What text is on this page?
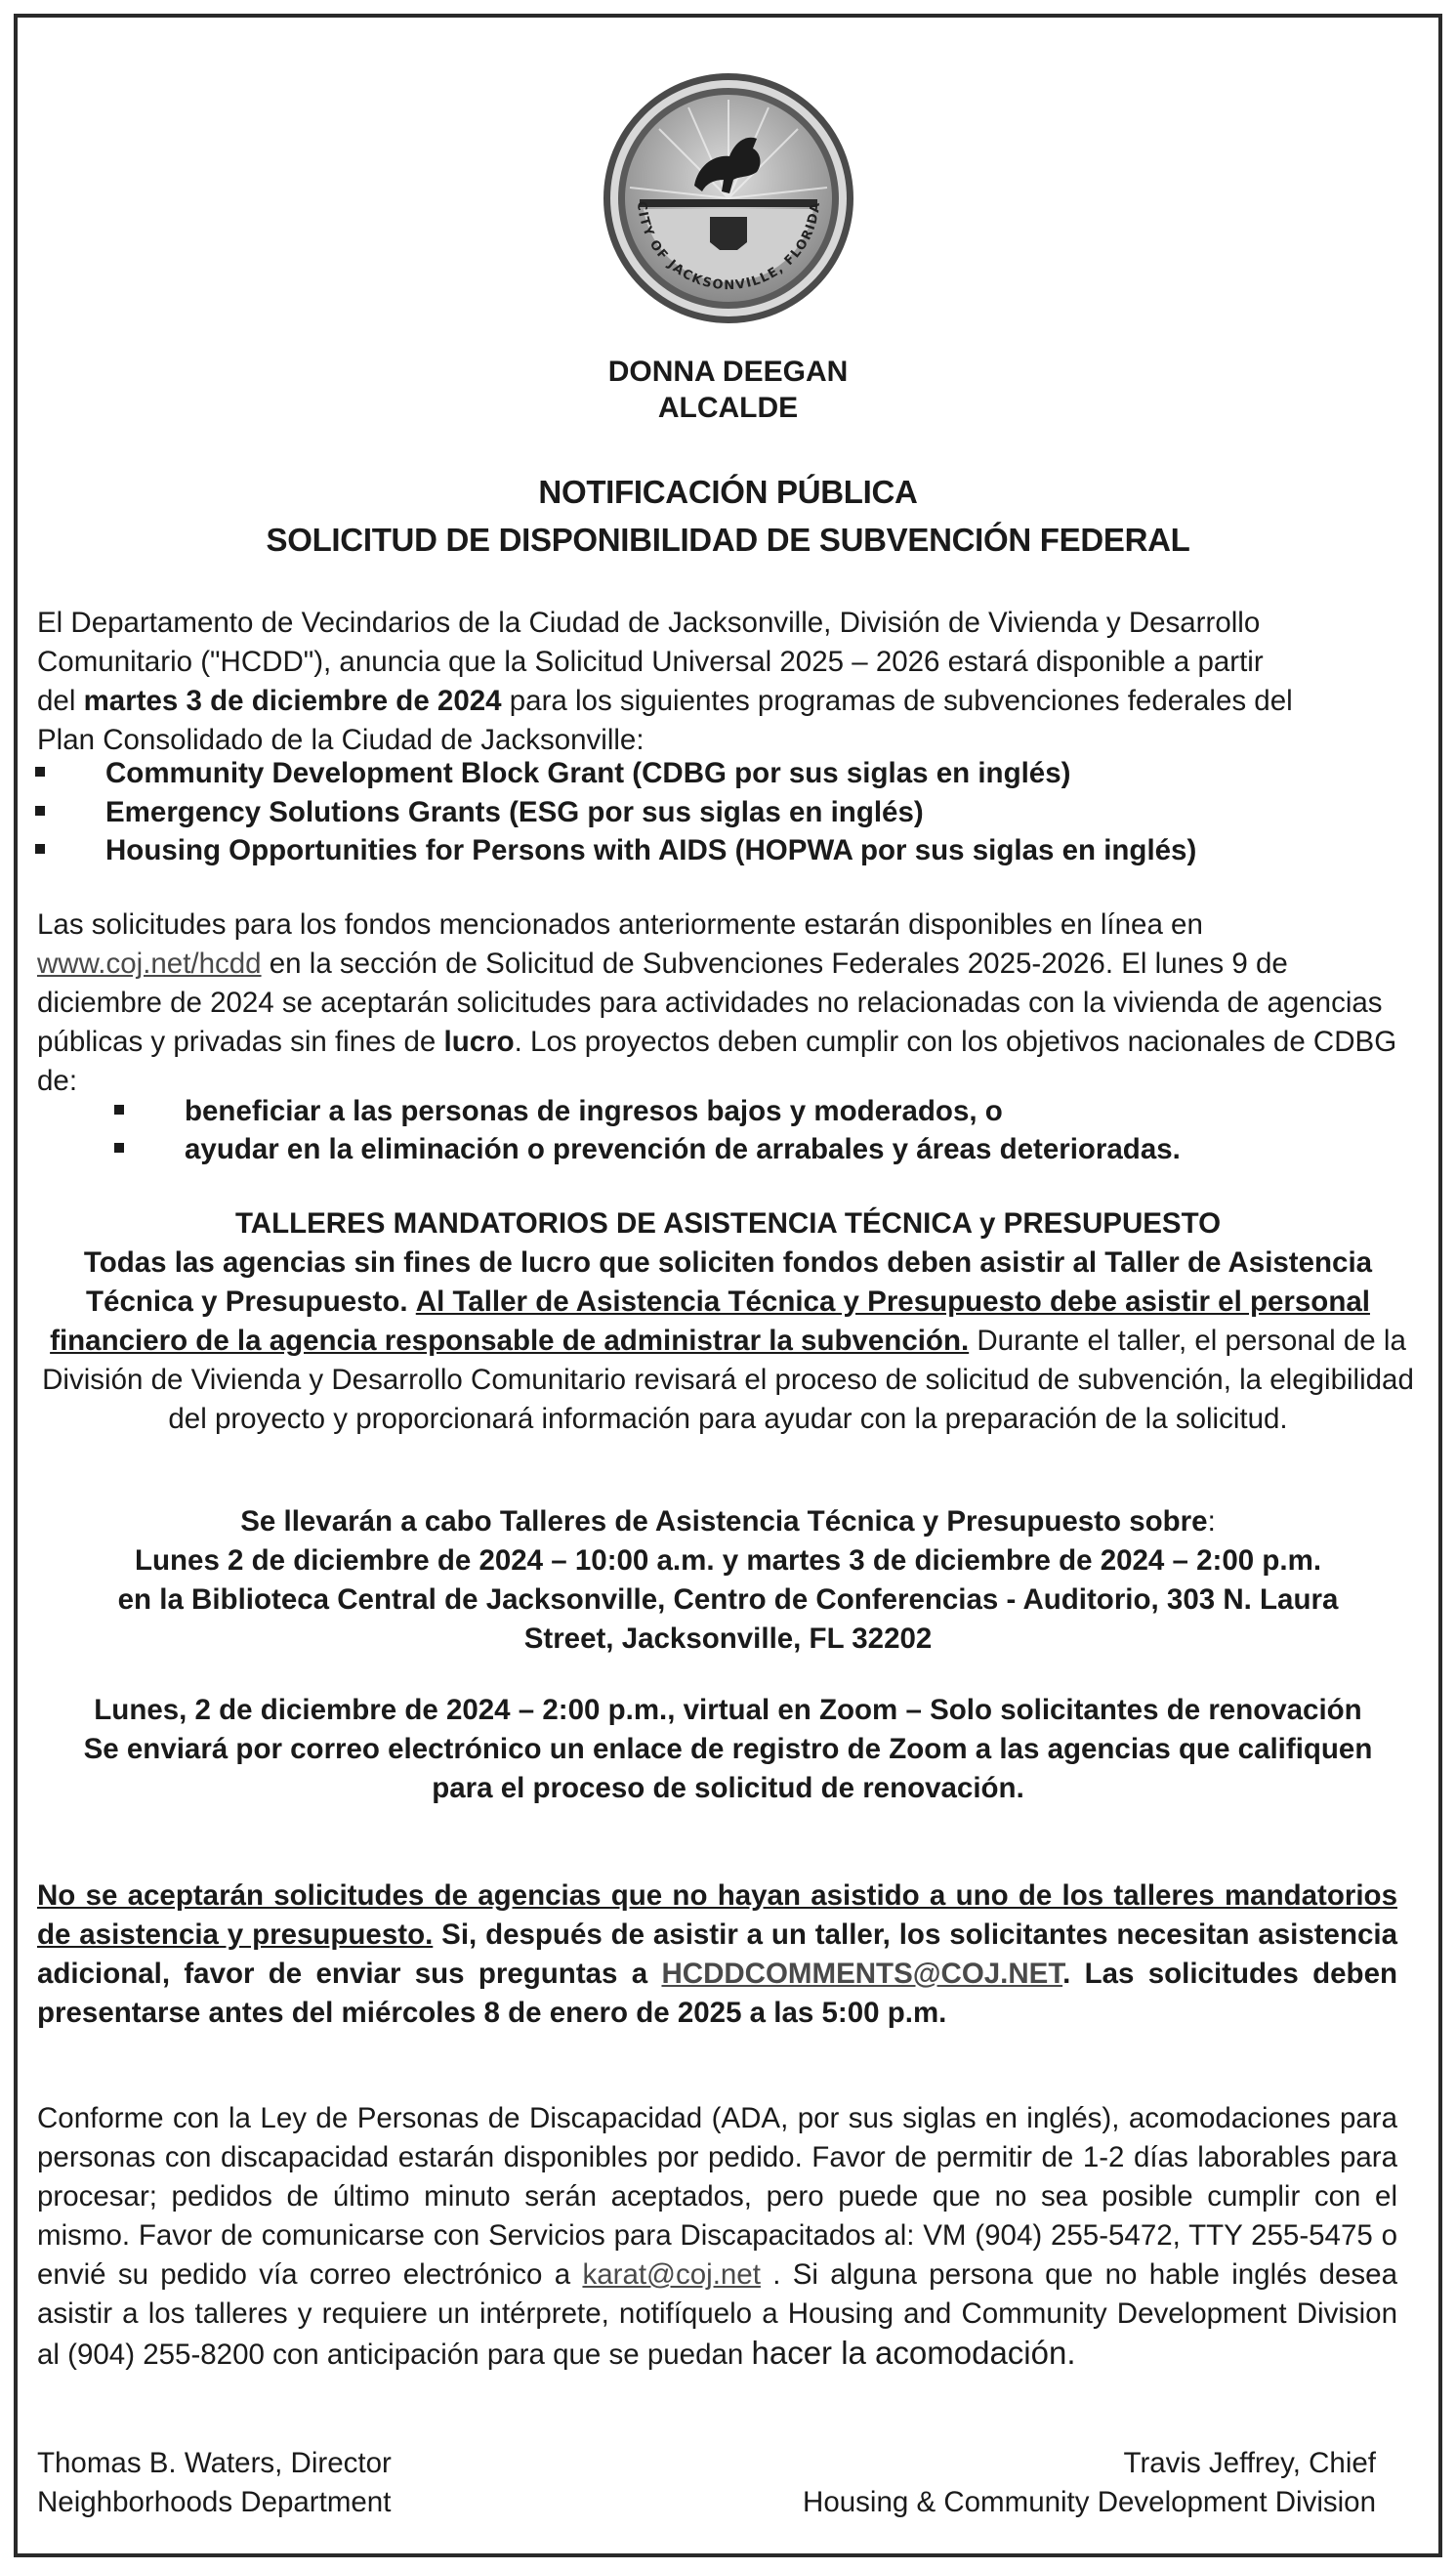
CITY OF JACKSONVILLE, FLORIDA
DONNA DEEGAN
ALCALDE
NOTIFICACIÓN PÚBLICA
SOLICITUD DE DISPONIBILIDAD DE SUBVENCIÓN FEDERAL
El Departamento de Vecindarios de la Ciudad de Jacksonville, División de Vivienda y Desarrollo Comunitario ("HCDD"), anuncia que la Solicitud Universal 2025 – 2026 estará disponible a partir del martes 3 de diciembre de 2024 para los siguientes programas de subvenciones federales del Plan Consolidado de la Ciudad de Jacksonville:
Community Development Block Grant (CDBG por sus siglas en inglés)
Emergency Solutions Grants (ESG por sus siglas en inglés)
Housing Opportunities for Persons with AIDS (HOPWA por sus siglas en inglés)
Las solicitudes para los fondos mencionados anteriormente estarán disponibles en línea en www.coj.net/hcdd en la sección de Solicitud de Subvenciones Federales 2025-2026. El lunes 9 de diciembre de 2024 se aceptarán solicitudes para actividades no relacionadas con la vivienda de agencias públicas y privadas sin fines de lucro. Los proyectos deben cumplir con los objetivos nacionales de CDBG de:
beneficiar a las personas de ingresos bajos y moderados, o
ayudar en la eliminación o prevención de arrabales y áreas deterioradas.
TALLERES MANDATORIOS DE ASISTENCIA TÉCNICA y PRESUPUESTO
Todas las agencias sin fines de lucro que soliciten fondos deben asistir al Taller de Asistencia Técnica y Presupuesto. Al Taller de Asistencia Técnica y Presupuesto debe asistir el personal financiero de la agencia responsable de administrar la subvención. Durante el taller, el personal de la División de Vivienda y Desarrollo Comunitario revisará el proceso de solicitud de subvención, la elegibilidad del proyecto y proporcionará información para ayudar con la preparación de la solicitud.
Se llevarán a cabo Talleres de Asistencia Técnica y Presupuesto sobre:
Lunes 2 de diciembre de 2024 – 10:00 a.m. y martes 3 de diciembre de 2024 – 2:00 p.m.
en la Biblioteca Central de Jacksonville, Centro de Conferencias - Auditorio, 303 N. Laura Street, Jacksonville, FL 32202
Lunes, 2 de diciembre de 2024 – 2:00 p.m., virtual en Zoom – Solo solicitantes de renovación
Se enviará por correo electrónico un enlace de registro de Zoom a las agencias que califiquen para el proceso de solicitud de renovación.
No se aceptarán solicitudes de agencias que no hayan asistido a uno de los talleres mandatorios de asistencia y presupuesto. Si, después de asistir a un taller, los solicitantes necesitan asistencia adicional, favor de enviar sus preguntas a HCDDCOMMENTS@COJ.NET. Las solicitudes deben presentarse antes del miércoles 8 de enero de 2025 a las 5:00 p.m.
Conforme con la Ley de Personas de Discapacidad (ADA, por sus siglas en inglés), acomodaciones para personas con discapacidad estarán disponibles por pedido. Favor de permitir de 1-2 días laborables para procesar; pedidos de último minuto serán aceptados, pero puede que no sea posible cumplir con el mismo. Favor de comunicarse con Servicios para Discapacitados al: VM (904) 255-5472, TTY 255-5475 o envié su pedido vía correo electrónico a karat@coj.net . Si alguna persona que no hable inglés desea asistir a los talleres y requiere un intérprete, notifíquelo a Housing and Community Development Division al (904) 255-8200 con anticipación para que se puedan hacer la acomodación.
Thomas B. Waters, Director
Neighborhoods Department
Travis Jeffrey, Chief
Housing & Community Development Division
